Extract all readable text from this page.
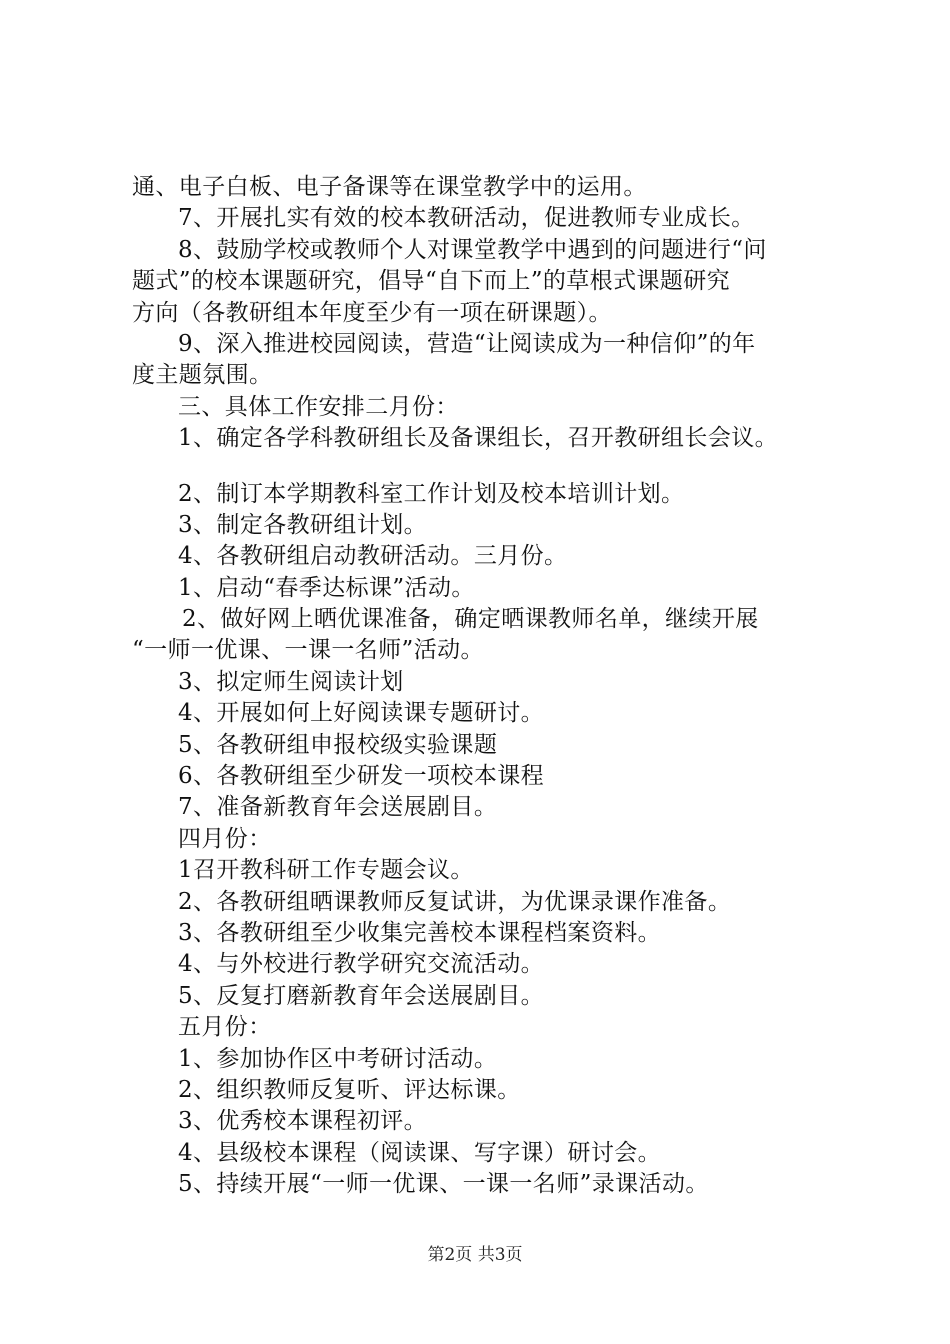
通、电子白板、电子备课等在课堂教学中的运用。
7、开展扎实有效的校本教研活动，促进教师专业成长。
8、鼓励学校或教师个人对课堂教学中遇到的问题进行“问
题式”的校本课题研究，倡导“自下而上”的草根式课题研究
方向（各教研组本年度至少有一项在研课题）。
9、深入推进校园阅读，营造“让阅读成为一种信仰”的年
度主题氛围。
三、具体工作安排二月份：
1、确定各学科教研组长及备课组长，召开教研组长会议。
2、制订本学期教科室工作计划及校本培训计划。
3、制定各教研组计划。
4、各教研组启动教研活动。三月份。
1、启动“春季达标课”活动。
2、做好网上晒优课准备，确定晒课教师名单，继续开展
“一师一优课、一课一名师”活动。
3、拟定师生阅读计划
4、开展如何上好阅读课专题研讨。
5、各教研组申报校级实验课题
6、各教研组至少研发一项校本课程
7、准备新教育年会送展剧目。
四月份：
1召开教科研工作专题会议。
2、各教研组晒课教师反复试讲，为优课录课作准备。
3、各教研组至少收集完善校本课程档案资料。
4、与外校进行教学研究交流活动。
5、反复打磨新教育年会送展剧目。
五月份：
1、参加协作区中考研讨活动。
2、组织教师反复听、评达标课。
3、优秀校本课程初评。
4、县级校本课程（阅读课、写字课）研讨会。
5、持续开展“一师一优课、一课一名师”录课活动。
第2页 共3页
